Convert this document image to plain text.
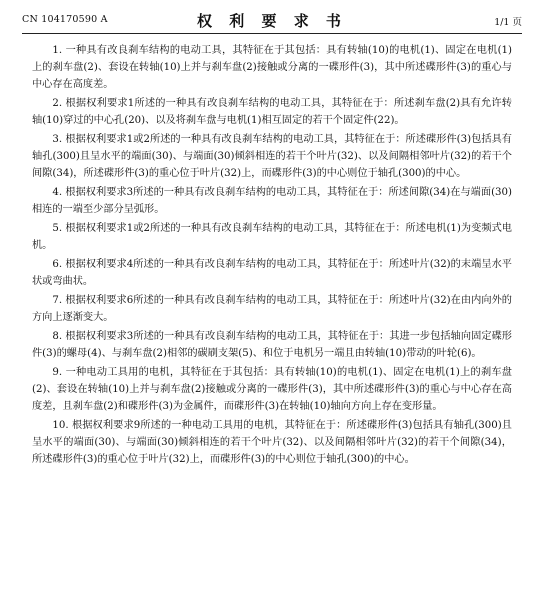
CN 104170590 A	权 利 要 求 书	1/1 页

1. 一种具有改良刹车结构的电动工具，其特征在于其包括：具有转轴(10)的电机(1)、固定在电机(1)上的刹车盘(2)、套设在转轴(10)上并与刹车盘(2)接触或分离的一碟形件(3)，其中所述碟形件(3)的重心与中心存在高度差。

2. 根据权利要求1所述的一种具有改良刹车结构的电动工具，其特征在于：所述刹车盘(2)具有允许转轴(10)穿过的中心孔(20)、以及将刹车盘与电机(1)相互固定的若干个固定件(22)。

3. 根据权利要求1或2所述的一种具有改良刹车结构的电动工具，其特征在于：所述碟形件(3)包括具有轴孔(300)且呈水平的端面(30)、与端面(30)倾斜相连的若干个叶片(32)、以及间隔相邻叶片(32)的若干个间隙(34)，所述碟形件(3)的重心位于叶片(32)上，而碟形件(3)的中心则位于轴孔(300)的中心。

4. 根据权利要求3所述的一种具有改良刹车结构的电动工具，其特征在于：所述间隙(34)在与端面(30)相连的一端至少部分呈弧形。

5. 根据权利要求1或2所述的一种具有改良刹车结构的电动工具，其特征在于：所述电机(1)为变频式电机。

6. 根据权利要求4所述的一种具有改良刹车结构的电动工具，其特征在于：所述叶片(32)的末端呈水平状或弯曲状。

7. 根据权利要求6所述的一种具有改良刹车结构的电动工具，其特征在于：所述叶片(32)在由内向外的方向上逐渐变大。

8. 根据权利要求3所述的一种具有改良刹车结构的电动工具，其特征在于：其进一步包括轴向固定碟形件(3)的螺母(4)、与刹车盘(2)相邻的碳刷支架(5)、和位于电机另一端且由转轴(10)带动的叶轮(6)。

9. 一种电动工具用的电机，其特征在于其包括：具有转轴(10)的电机(1)、固定在电机(1)上的刹车盘(2)、套设在转轴(10)上并与刹车盘(2)接触或分离的一碟形件(3)，其中所述碟形件(3)的重心与中心存在高度差，且刹车盘(2)和碟形件(3)为金属件，而碟形件(3)在转轴(10)轴向方向上存在变形量。

10. 根据权利要求9所述的一种电动工具用的电机，其特征在于：所述碟形件(3)包括具有轴孔(300)且呈水平的端面(30)、与端面(30)倾斜相连的若干个叶片(32)、以及间隔相邻叶片(32)的若干个间隙(34)，所述碟形件(3)的重心位于叶片(32)上，而碟形件(3)的中心则位于轴孔(300)的中心。
